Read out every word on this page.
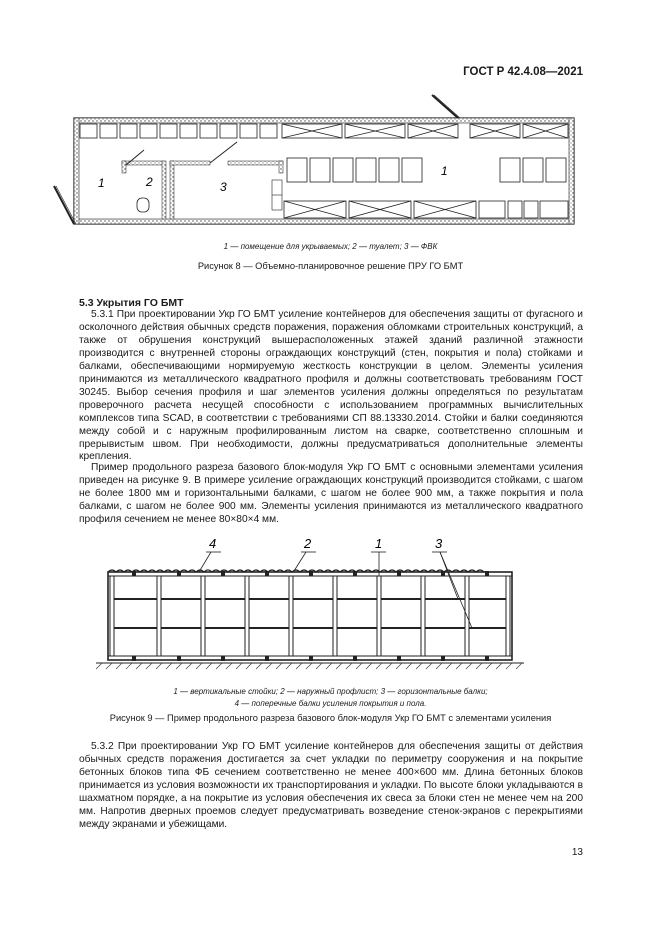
ГОСТ Р 42.4.08—2021
1	2	3
1
1 — помещение для укрываемых; 2 — туалет; 3 — ФВК
Рисунок 8 — Объемно-планировочное решение ПРУ ГО БМТ
5.3 Укрытия ГО БМТ

5.3.1 При проектировании Укр ГО БМТ усиление контейнеров для обеспечения защиты от фугасного и осколочного действия обычных средств поражения, поражения обломками строительных конструкций, а также от обрушения конструкций вышерасположенных этажей зданий различной этажности производится с внутренней стороны ограждающих конструкций (стен, покрытия и пола) стойками и балками, обеспечивающими нормируемую жесткость конструкции в целом. Элементы усиления принимаются из металлического квадратного профиля и должны соответствовать требованиям ГОСТ 30245. Выбор сечения профиля и шаг элементов усиления должны определяться по результатам проверочного расчета несущей способности с использованием программных вычислительных комплексов типа SCAD, в соответствии с требованиями СП 88.13330.2014. Стойки и балки соединяются между собой и с наружным профилированным листом на сварке, соответственно сплошным и прерывистым швом. При необходимости, должны предусматриваться дополнительные элементы крепления.

Пример продольного разреза базового блок-модуля Укр ГО БМТ с основными элементами усиления приведен на рисунке 9. В примере усиление ограждающих конструкций производится стойками, с шагом не более 1800 мм и горизонтальными балками, с шагом не более 900 мм, а также покрытия и пола балками, с шагом не более 900 мм. Элементы усиления принимаются из металлического квадратного профиля сечением не менее 80×80×4 мм.

4	2	1	3
1 — вертикальные стойки; 2 — наружный профлист; 3 — горизонтальные балки;
4 — поперечные балки усиления покрытия и пола.
Рисунок 9 — Пример продольного разреза базового блок-модуля Укр ГО БМТ с элементами усиления

5.3.2 При проектировании Укр ГО БМТ усиление контейнеров для обеспечения защиты от действия обычных средств поражения достигается за счет укладки по периметру сооружения и на покрытие бетонных блоков типа ФБ сечением соответственно не менее 400×600 мм. Длина бетонных блоков принимается из условия возможности их транспортирования и укладки. По высоте блоки укладываются в шахматном порядке, а на покрытие из условия обеспечения их свеса за блоки стен не менее чем на 200 мм. Напротив дверных проемов следует предусматривать возведение стенок-экранов с перекрытиями между экранами и убежищами.

13
